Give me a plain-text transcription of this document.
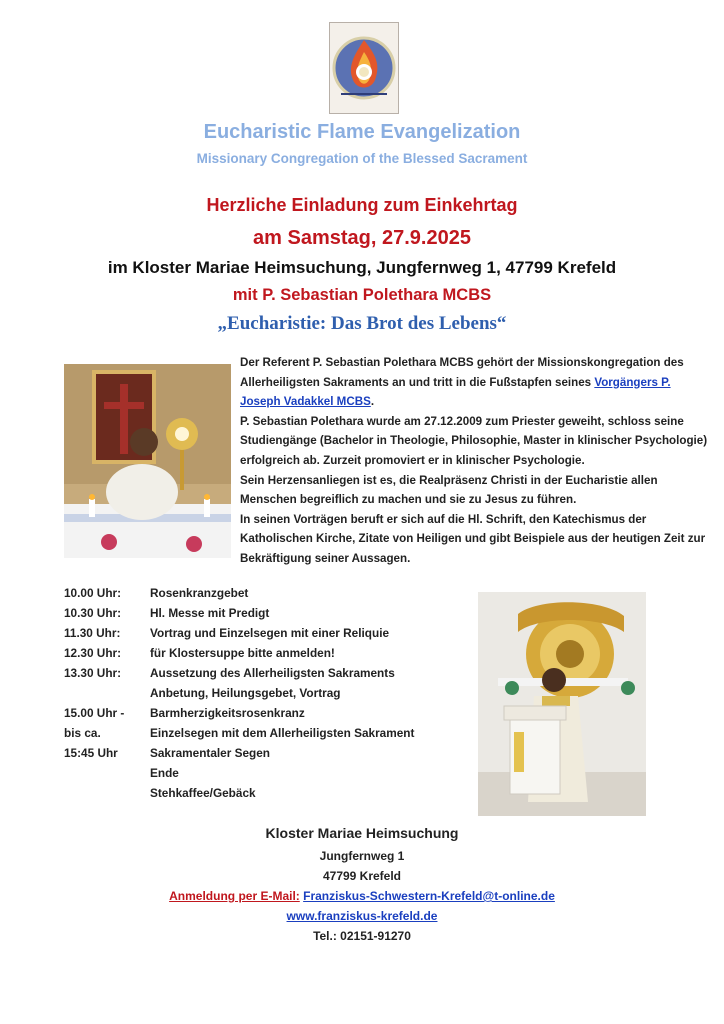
Eucharistic Flame Evangelization
Missionary Congregation of the Blessed Sacrament
Herzliche Einladung zum Einkehrtag
am Samstag, 27.9.2025
im Kloster Mariae Heimsuchung, Jungfernweg 1, 47799 Krefeld
mit P. Sebastian Polethara MCBS
„Eucharistie: Das Brot des Lebens“

Der Referent P. Sebastian Polethara MCBS gehört der Missionskongregation des Allerheiligsten Sakraments an und tritt in die Fußstapfen seines Vorgängers P. Joseph Vadakkel MCBS.

P. Sebastian Polethara wurde am 27.12.2009 zum Priester geweiht, schloss seine Studiengänge (Bachelor in Theologie, Philosophie, Master in klinischer Psychologie) erfolgreich ab. Zurzeit promoviert er in klinischer Psychologie.

Sein Herzensanliegen ist es, die Realpräsenz Christi in der Eucharistie allen Menschen begreiflich zu machen und sie zu Jesus zu führen.

In seinen Vorträgen beruft er sich auf die Hl. Schrift, den Katechismus der Katholischen Kirche, Zitate von Heiligen und gibt Beispiele aus der heutigen Zeit zur Bekräftigung seiner Aussagen.

10.00 Uhr:	Rosenkranzgebet
10.30 Uhr:	Hl. Messe mit Predigt
11.30 Uhr:	Vortrag und Einzelsegen mit einer Reliquie
12.30 Uhr:	für Klostersuppe bitte anmelden!
13.30 Uhr:	Aussetzung des Allerheiligsten Sakraments
Anbetung, Heilungsgebet, Vortrag
15.00 Uhr -	Barmherzigkeitsrosenkranz
bis ca.	Einzelsegen mit dem Allerheiligsten Sakrament
15:45 Uhr	Sakramentaler Segen
Ende
Stehkaffee/Gebäck
Kloster Mariae Heimsuchung
Jungfernweg 1
47799 Krefeld
Anmeldung per E-Mail: Franziskus-Schwestern-Krefeld@t-online.de
www.franziskus-krefeld.de
Tel.: 02151-91270
